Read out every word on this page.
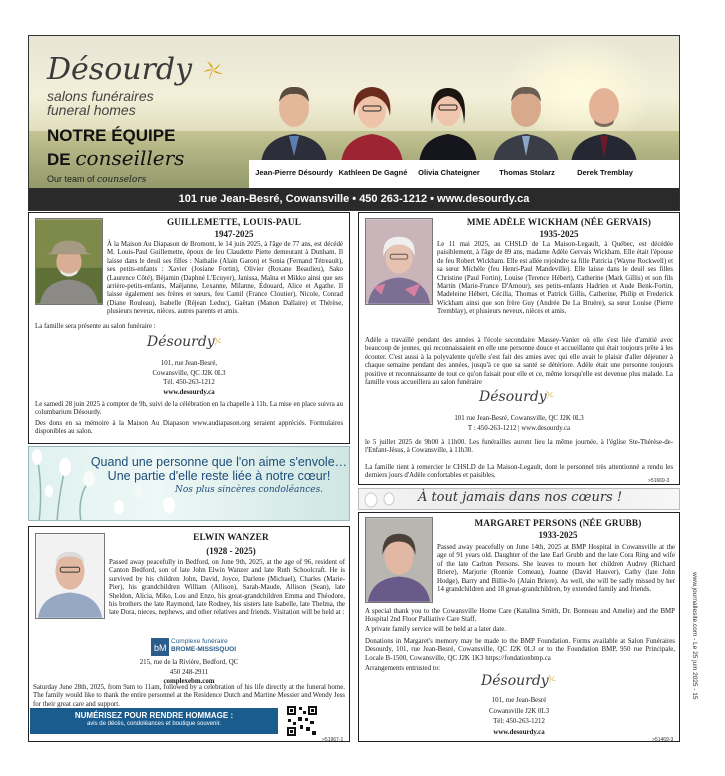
Désourdy
salons funéraires
funeral homes
NOTRE ÉQUIPE
DE conseillers
Our team of counselors
Jean-Pierre Désourdy Kathleen De Gagné	Olivia Chateigner	Thomas Stolarz	Derek Tremblay
101 rue Jean-Besré, Cowansville • 450 263-1212 • www.desourdy.ca
GUILLEMETTE, LOUIS-PAUL
1947-2025

À la Maison Au Diapason de Bromont, le 14 juin 2025, à l'âge de 77 ans, est décédé M. Louis-Paul Guillemette, époux de feu Claudette Piette demeurant à Dunham. Il laisse dans le deuil ses filles : Nathalie (Alain Garon) et Sonia (Fernand Tétreault), ses petits-enfants : Xavier (Josiane Fortin), Olivier (Roxane Beaulieu), Sako (Laurence Côté), Béjamin (Daphné L'Ecuyer), Janissa, Maïna et Mikko ainsi que ses arrière-petits-enfants, Maëjanne, Lexanne, Milanne, Édouard, Alice et Agathe. Il laisse également ses frères et sœurs, feu Camil (France Cloutier), Nicole, Conrad (Diane Rouleau), Isabelle (Réjean Leduc), Gaëtan (Manon Dallaire) et Thérèse, plusieurs neveux, nièces, autres parents et amis.

La famille sera présente au salon funéraire :

Désourdy
101, rue Jean-Besré,
Cowansville, QC J2K 0L3
Tél. 450-263-1212
www.desourdy.ca

Le samedi 28 juin 2025 à compter de 9h, suivi de la célébration en la chapelle à 11h. La mise en place suivra au columbarium Désourdy.

Des dons en sa mémoire à la Maison Au Diapason www.audiapason.org seraient appréciés. Formulaires disponibles au salon.

MME ADÈLE WICKHAM (NÉE GERVAIS)
1935-2025

Le 11 mai 2025, au CHSLD de La Maison-Legault, à Québec, est décédée paisiblement, à l'âge de 89 ans, madame Adèle Gervais Wickham. Elle était l'épouse de feu Robert Wickham. Elle est allée rejoindre sa fille Patricia (Wayne Rockwell) et sa sœur Michèle (feu Henri-Paul Mandeville). Elle laisse dans le deuil ses filles Christine (Paul Fortin), Louise (Terence Hébert), Catherine (Mark Gillis) et son fils Martin (Marie-France D'Amour), ses petits-enfants Hadrien et Aude Benk-Fortin, Madeleine Hébert, Cécilia, Thomas et Patrick Gillis, Catherine, Philip et Frederick Wickham ainsi que son frère Guy (Andrée De La Bruère), sa sœur Louise (Pierre Tremblay), et plusieurs neveux, nièces et amis.

Adèle a travaillé pendant des années à l'école secondaire Massey-Vanier où elle s'est liée d'amitié avec beaucoup de jeunes, qui reconnaissaient en elle une personne douce et accueillante qui était toujours prête à les écouter. C'est aussi à la polyvalente qu'elle s'est fait des amies avec qui elle avait le plaisir d'aller déjeuner à chaque semaine pendant des années, jusqu'à ce que sa santé se détériore. Adèle était une personne toujours positive et reconnaissante de tout ce qu'on faisait pour elle et ce, même lorsqu'elle est devenue plus malade. La famille vous accueillera au salon funéraire

Désourdy
101 rue Jean-Besré, Cowansville, QC J2K 0L3
T : 450-263-1212 | www.desourdy.ca

le 5 juillet 2025 de 9h00 à 11h00. Les funérailles auront lieu la même journée, à l'église Ste-Thérèse-de-l'Enfant-Jésus, à Cowansville, à 11h30.

La famille tient à remercier le CHSLD de La Maison-Legault, dont le personnel très attentionné a rendu les derniers jours d'Adèle confortables et paisibles.

>51669-3
Quand une personne que l'on aime s'envole…
Une partie d'elle reste liée à notre cœur!
Nos plus sincères condoléances.	À tout jamais dans nos cœurs !
ELWIN WANZER
(1928 - 2025)

Passed away peacefully in Bedford, on June 9th, 2025, at the age of 96, resident of Canton Bedford, son of late John Elwin Wanzer and late Ruth Schoolcraft. He is survived by his children John, David, Joyce, Darlene (Michael), Charles (Marie-Pier), his grandchildren William (Allison), Sarah-Maude, Allison (Sean), late Sheldon, Alicia, Miko, Lou and Enzo, his great-grandchildren Emma and Théodore, his brothers the late Raymond, late Rodney, his sisters late Isabelle, late Thelma, the late Dora, nieces, nephews, and other relatives and friends. Visitation will be held at :

bM
Complexe funéraire
BROME-MISSISQUOI
215, rue de la Rivière, Bedford, QC
450 248-2911
complexebm.com

Saturday June 28th, 2025, from 9am to 11am, followed by a celebration of his life directly at the funeral home. The family would like to thank the entire personnel at the Residence Dutch and Martine Messier and Wendy Jess for their great care and support.

NUMÉRISEZ POUR RENDRE HOMMAGE :
avis de décès, condoléances et boutique souvenir.
>51967-1
MARGARET PERSONS (NÉE GRUBB)
1933-2025

Passed away peacefully on June 14th, 2025 at BMP Hospital in Cowansville at the age of 91 years old. Daughter of the late Earl Grubb and the late Cora Ring and wife of the late Carlton Persons. She leaves to mourn her children Audrey (Richard Briere), Marjorie (Ronnie Comeau), Joanne (David Hauver), Cathy (late John Hodge), Barry and Billie-Jo (Alain Briere). As well, she will be sadly missed by her 14 grandchildren and 18 great-grandchildren, by extended family and friends.

A special thank you to the Cowansville Home Care (Katalina Smith, Dr. Bonneau and Amelie) and the BMP Hospital 2nd Floor Palliative Care Staff.

A private family service will be held at a later date.

Donations in Margaret's memory may be made to the BMP Foundation. Forms available at Salon Funéraires Desourdy, 101, rue Jean-Besré, Cowansville, QC J2K 0L3 or to the Foundation BMP, 950 rue Principale, Locale B-1500, Cowansville, QC J2K 1K3 https://fondationbmp.ca

Arrangements entrusted to:

Désourdy
101, rue Jean-Besré
Cowansville J2K 0L3
Tél: 450-263-1212
www.desourdy.ca
>51469-3
www.journallesite.com - Le 25 juin 2025 - 15
